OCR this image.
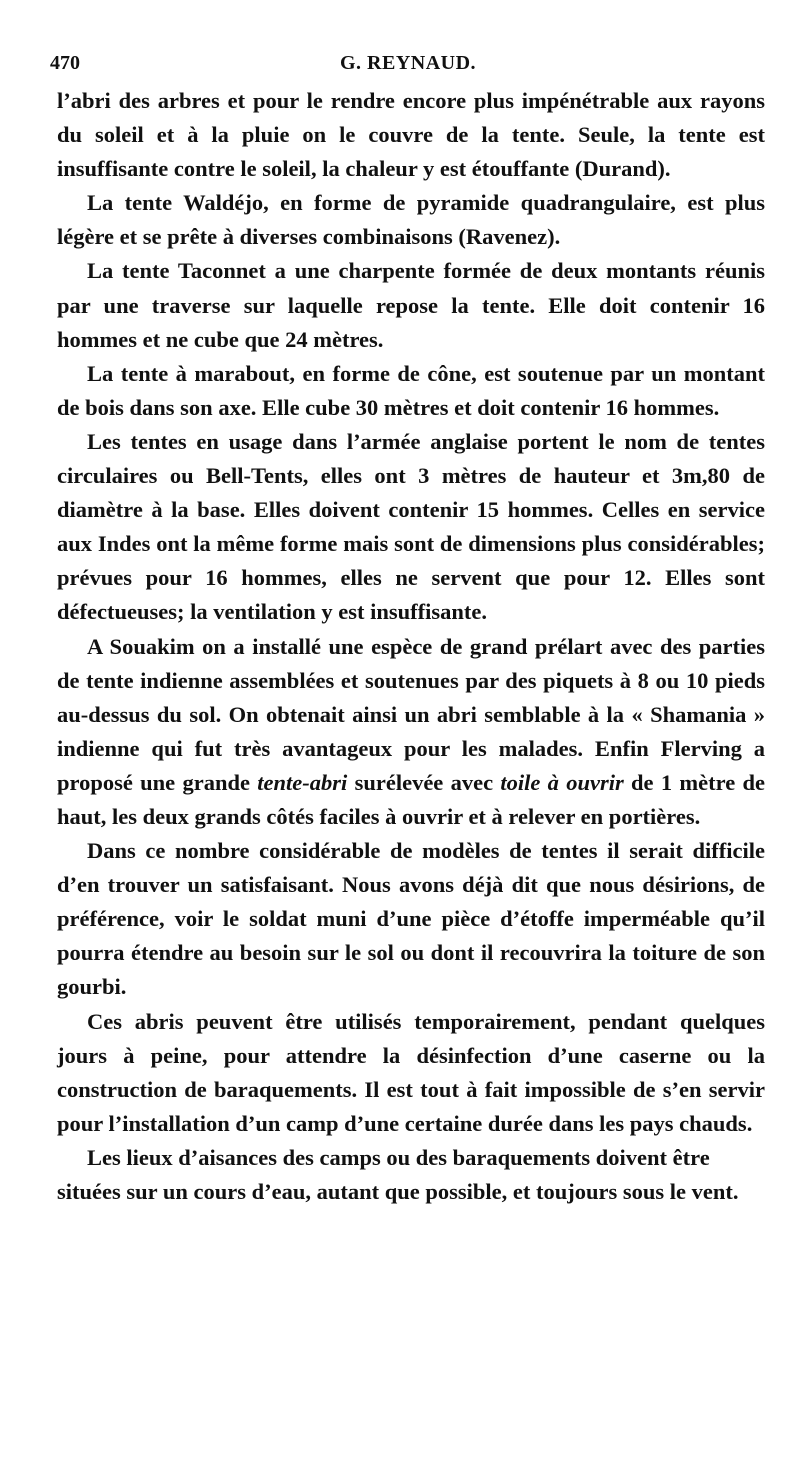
470	G. REYNAUD.

l’abri des arbres et pour le rendre encore plus impénétrable aux rayons du soleil et à la pluie on le couvre de la tente. Seule, la tente est insuffisante contre le soleil, la chaleur y est étouffante (Durand).

La tente Waldéjo, en forme de pyramide quadrangulaire, est plus légère et se prête à diverses combinaisons (Ravenez).

La tente Taconnet a une charpente formée de deux montants réunis par une traverse sur laquelle repose la tente. Elle doit contenir 16 hommes et ne cube que 24 mètres.

La tente à marabout, en forme de cône, est soutenue par un montant de bois dans son axe. Elle cube 30 mètres et doit contenir 16 hommes.

Les tentes en usage dans l’armée anglaise portent le nom de tentes circulaires ou Bell-Tents, elles ont 3 mètres de hauteur et 3m,80 de diamètre à la base. Elles doivent contenir 15 hommes. Celles en service aux Indes ont la même forme mais sont de dimensions plus considérables; prévues pour 16 hommes, elles ne servent que pour 12. Elles sont défectueuses; la ventilation y est insuffisante.

A Souakim on a installé une espèce de grand prélart avec des parties de tente indienne assemblées et soutenues par des piquets à 8 ou 10 pieds au-dessus du sol. On obtenait ainsi un abri semblable à la « Shamania » indienne qui fut très avantageux pour les malades. Enfin Flerving a proposé une grande tente-abri surélevée avec toile à ouvrir de 1 mètre de haut, les deux grands côtés faciles à ouvrir et à relever en portières.

Dans ce nombre considérable de modèles de tentes il serait difficile d’en trouver un satisfaisant. Nous avons déjà dit que nous désirions, de préférence, voir le soldat muni d’une pièce d’étoffe imperméable qu’il pourra étendre au besoin sur le sol ou dont il recouvrira la toiture de son gourbi.

Ces abris peuvent être utilisés temporairement, pendant quelques jours à peine, pour attendre la désinfection d’une caserne ou la construction de baraquements. Il est tout à fait impossible de s’en servir pour l’installation d’un camp d’une certaine durée dans les pays chauds.

Les lieux d’aisances des camps ou des baraquements doivent être situées sur un cours d’eau, autant que possible, et toujours sous le vent.
